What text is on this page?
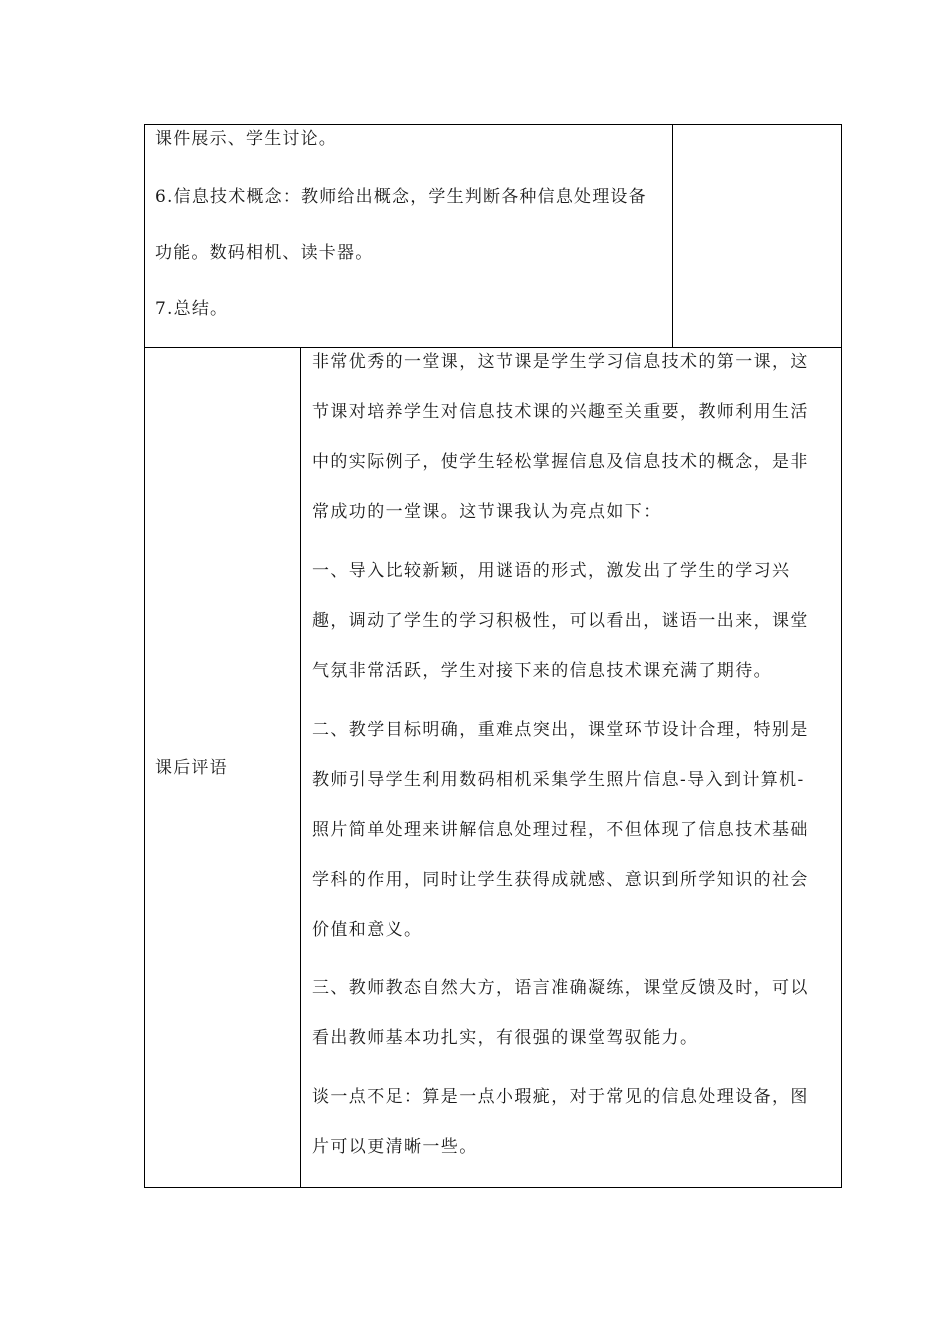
课件展示、学生讨论。
6.信息技术概念：教师给出概念，学生判断各种信息处理设备
功能。数码相机、读卡器。
7.总结。
课后评语
非常优秀的一堂课，这节课是学生学习信息技术的第一课，这
节课对培养学生对信息技术课的兴趣至关重要，教师利用生活
中的实际例子，使学生轻松掌握信息及信息技术的概念，是非
常成功的一堂课。这节课我认为亮点如下：
一、导入比较新颖，用谜语的形式，激发出了学生的学习兴
趣，调动了学生的学习积极性，可以看出，谜语一出来，课堂
气氛非常活跃，学生对接下来的信息技术课充满了期待。
二、教学目标明确，重难点突出，课堂环节设计合理，特别是
教师引导学生利用数码相机采集学生照片信息-导入到计算机-
照片简单处理来讲解信息处理过程，不但体现了信息技术基础
学科的作用，同时让学生获得成就感、意识到所学知识的社会
价值和意义。
三、教师教态自然大方，语言准确凝练，课堂反馈及时，可以
看出教师基本功扎实，有很强的课堂驾驭能力。
谈一点不足：算是一点小瑕疵，对于常见的信息处理设备，图
片可以更清晰一些。
